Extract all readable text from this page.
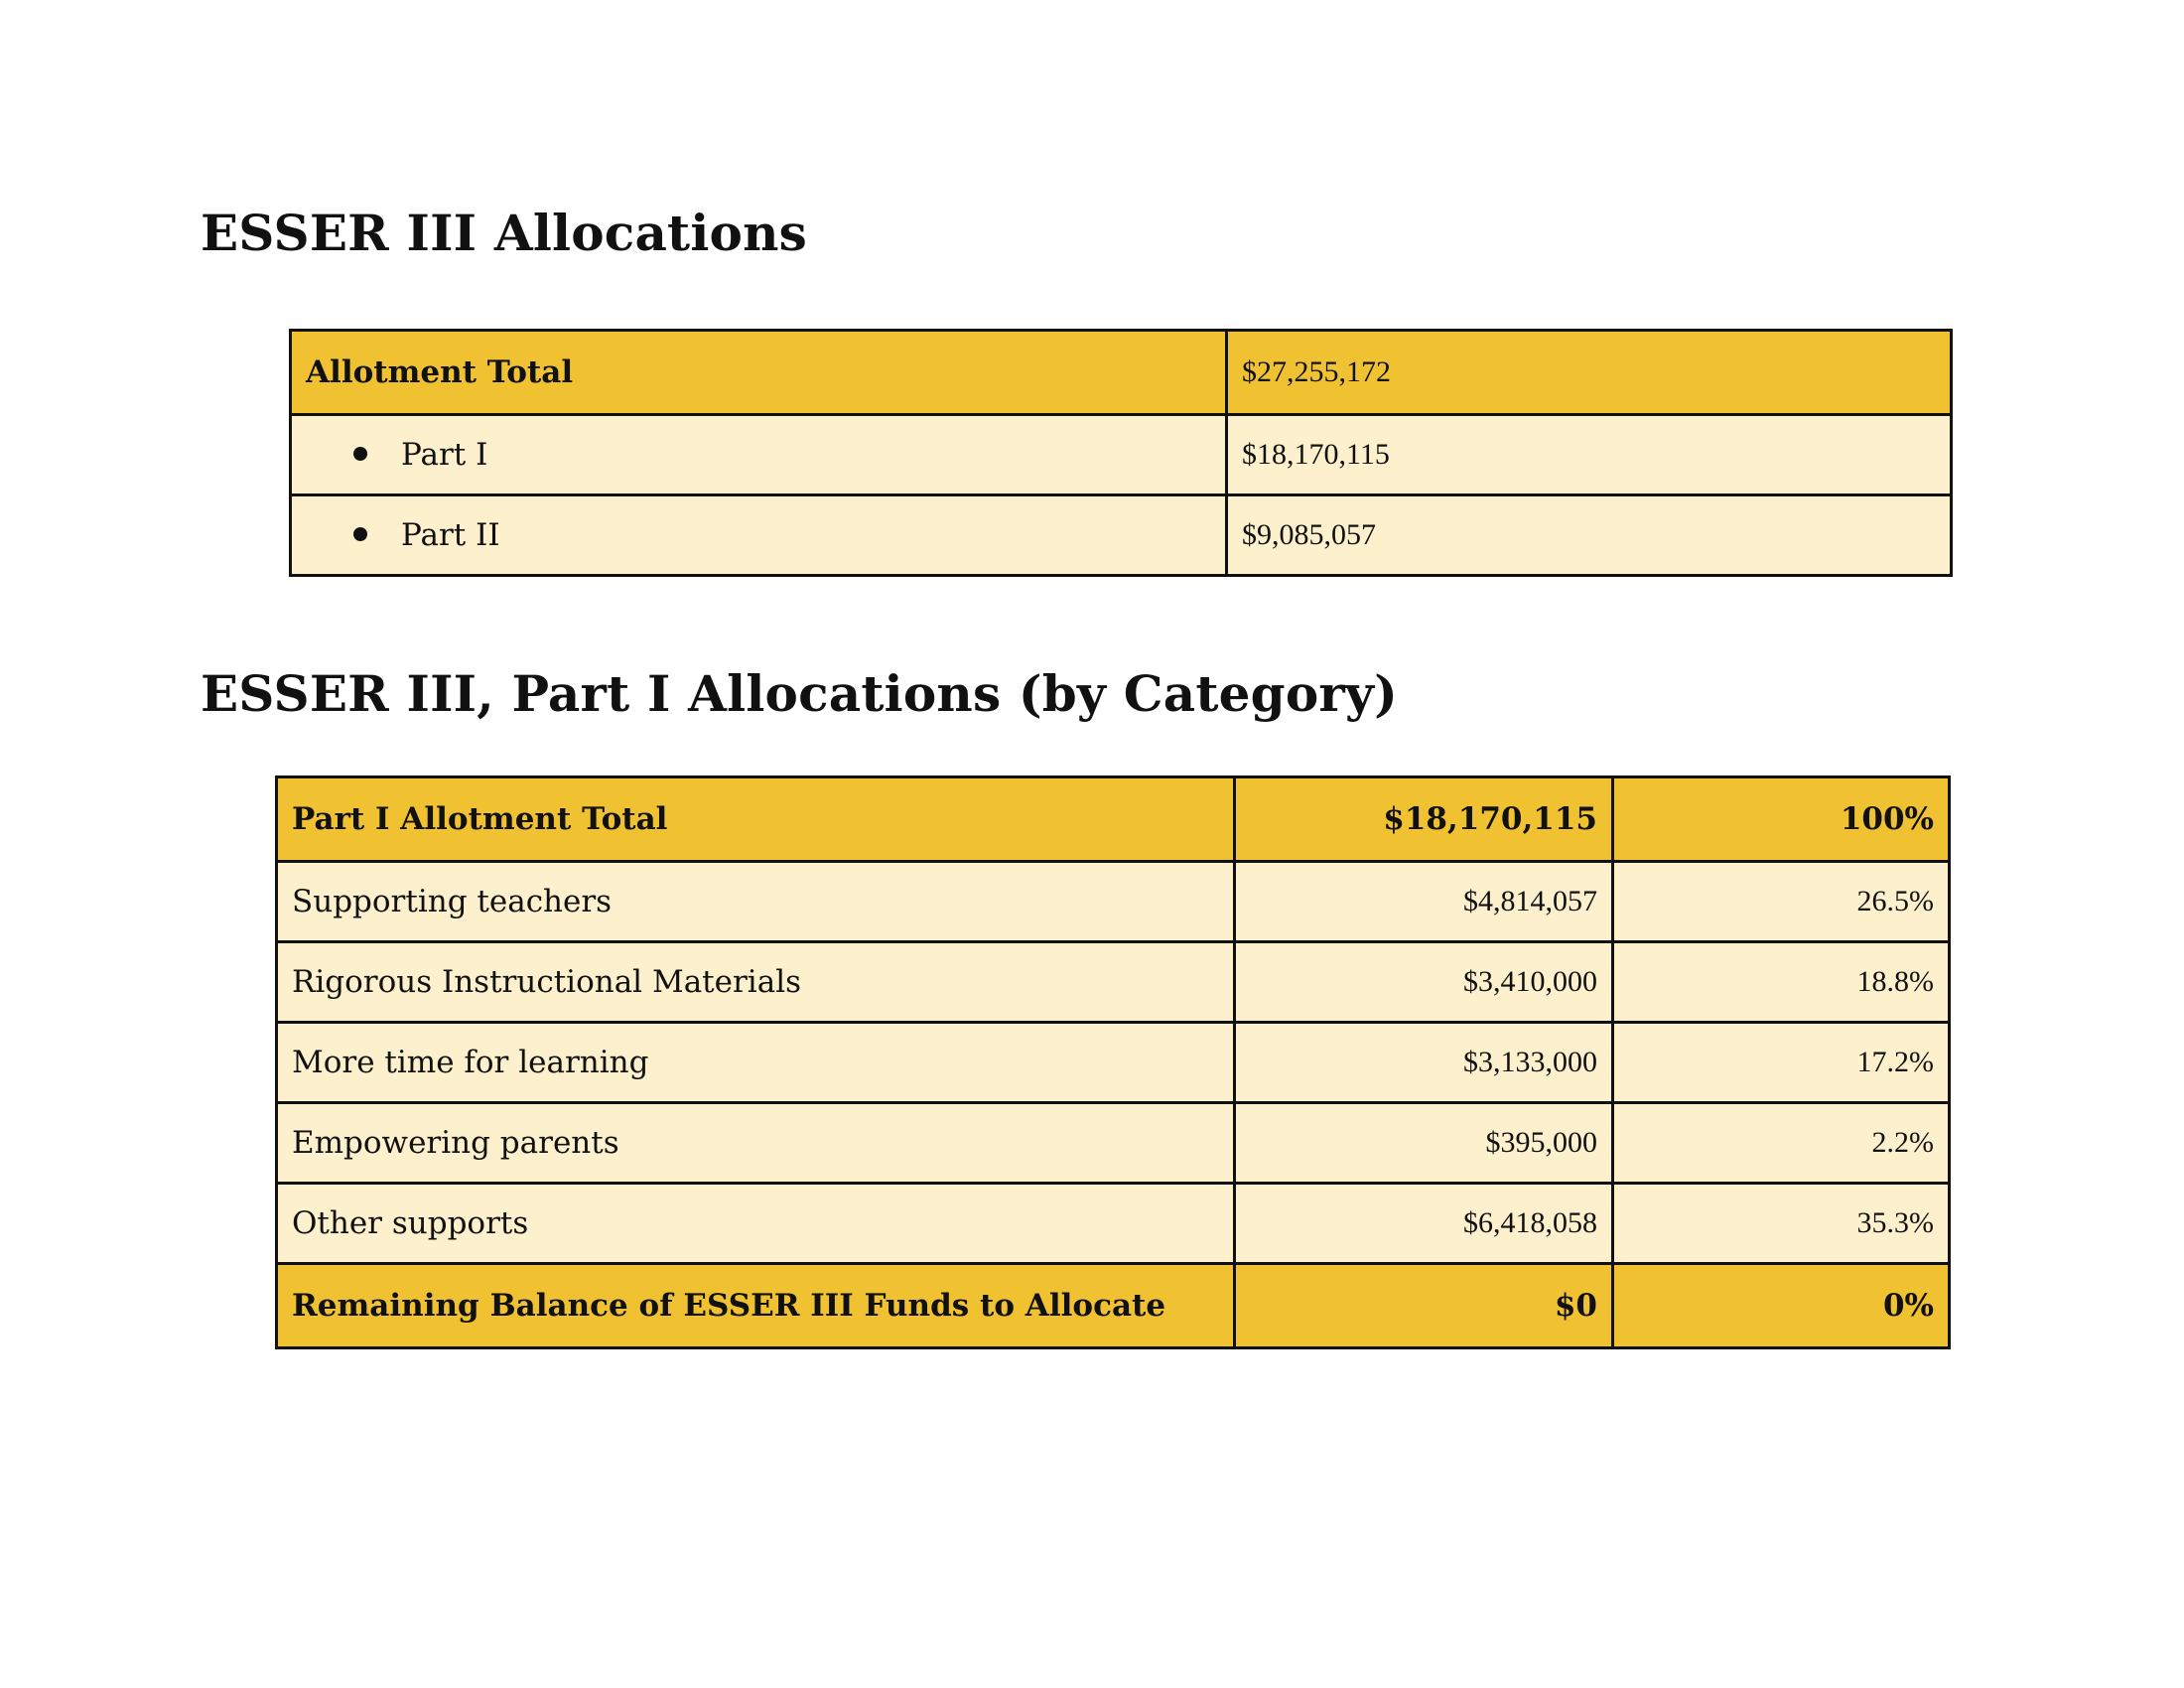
ESSER III Allocations
Allotment Total	$27,255,172
Part I	$18,170,115
Part II	$9,085,057
ESSER III, Part I Allocations (by Category)
Part I Allotment Total	$18,170,115	100%
Supporting teachers	$4,814,057	26.5%
Rigorous Instructional Materials	$3,410,000	18.8%
More time for learning	$3,133,000	17.2%
Empowering parents	$395,000	2.2%
Other supports	$6,418,058	35.3%
Remaining Balance of ESSER III Funds to Allocate	$0	0%
